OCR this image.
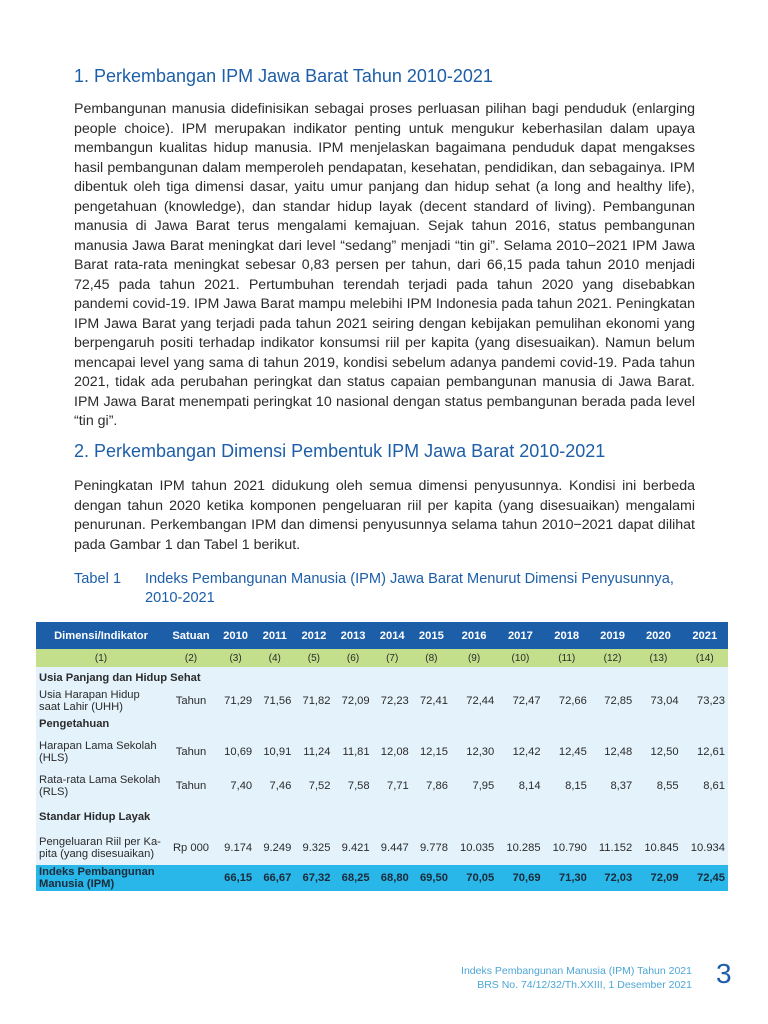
1. Perkembangan IPM Jawa Barat Tahun 2010-2021

Pembangunan manusia didefinisikan sebagai proses perluasan pilihan bagi penduduk (enlarging people choice). IPM merupakan indikator penting untuk mengukur keberhasilan dalam upaya membangun kualitas hidup manusia. IPM menjelaskan bagaimana penduduk dapat mengakses hasil pembangunan dalam memperoleh pendapatan, kesehatan, pendidikan, dan sebagainya. IPM dibentuk oleh tiga dimensi dasar, yaitu umur panjang dan hidup sehat (a long and healthy life), pengetahuan (knowledge), dan standar hidup layak (decent standard of living). Pembangunan manusia di Jawa Barat terus mengalami kemajuan. Sejak tahun 2016, status pembangunan manusia Jawa Barat meningkat dari level “sedang” menjadi “tin gi”. Selama 2010−2021 IPM Jawa Barat rata-rata meningkat sebesar 0,83 persen per tahun, dari 66,15 pada tahun 2010 menjadi 72,45 pada tahun 2021. Pertumbuhan terendah terjadi pada tahun 2020 yang disebabkan pandemi covid-19. IPM Jawa Barat mampu melebihi IPM Indonesia pada tahun 2021. Peningkatan IPM Jawa Barat yang terjadi pada tahun 2021 seiring dengan kebijakan pemulihan ekonomi yang berpengaruh positi terhadap indikator konsumsi riil per kapita (yang disesuaikan). Namun belum mencapai level yang sama di tahun 2019, kondisi sebelum adanya pandemi covid-19. Pada tahun 2021, tidak ada perubahan peringkat dan status capaian pembangunan manusia di Jawa Barat. IPM Jawa Barat menempati peringkat 10 nasional dengan status pembangunan berada pada level “tin gi”.

2. Perkembangan Dimensi Pembentuk IPM Jawa Barat 2010-2021

Peningkatan IPM tahun 2021 didukung oleh semua dimensi penyusunnya. Kondisi ini berbeda dengan tahun 2020 ketika komponen pengeluaran riil per kapita (yang disesuaikan) mengalami penurunan. Perkembangan IPM dan dimensi penyusunnya selama tahun 2010−2021 dapat dilihat pada Gambar 1 dan Tabel 1 berikut.

Tabel 1 Indeks Pembangunan Manusia (IPM) Jawa Barat Menurut Dimensi Penyusunnya, 2010-2021
Dimensi/Indikator	Satuan	2010	2011	2012	2013	2014	2015	2016	2017	2018	2019	2020	2021
(1)	(2)	(3)	(4)	(5)	(6)	(7)	(8)	(9)	(10)	(11)	(12)	(13)	(14)
Usia Panjang dan Hidup Sehat													
Usia Harapan Hidup saat Lahir (UHH)	Tahun	71,29	71,56	71,82	72,09	72,23	72,41	72,44	72,47	72,66	72,85	73,04	73,23
Pengetahuan													
Harapan Lama Sekolah (HLS)	Tahun	10,69	10,91	11,24	11,81	12,08	12,15	12,30	12,42	12,45	12,48	12,50	12,61
Rata-rata Lama Sekolah (RLS)	Tahun	7,40	7,46	7,52	7,58	7,71	7,86	7,95	8,14	8,15	8,37	8,55	8,61
Standar Hidup Layak													
Pengeluaran Riil per Ka-pita (yang disesuaikan)	Rp 000	9.174	9.249	9.325	9.421	9.447	9.778	10.035	10.285	10.790	11.152	10.845	10.934
Indeks Pembangunan Manusia (IPM)		66,15	66,67	67,32	68,25	68,80	69,50	70,05	70,69	71,30	72,03	72,09	72,45
Indeks Pembangunan Manusia (IPM) Tahun 2021
BRS No. 74/12/32/Th.XXIII, 1 Desember 2021 3
